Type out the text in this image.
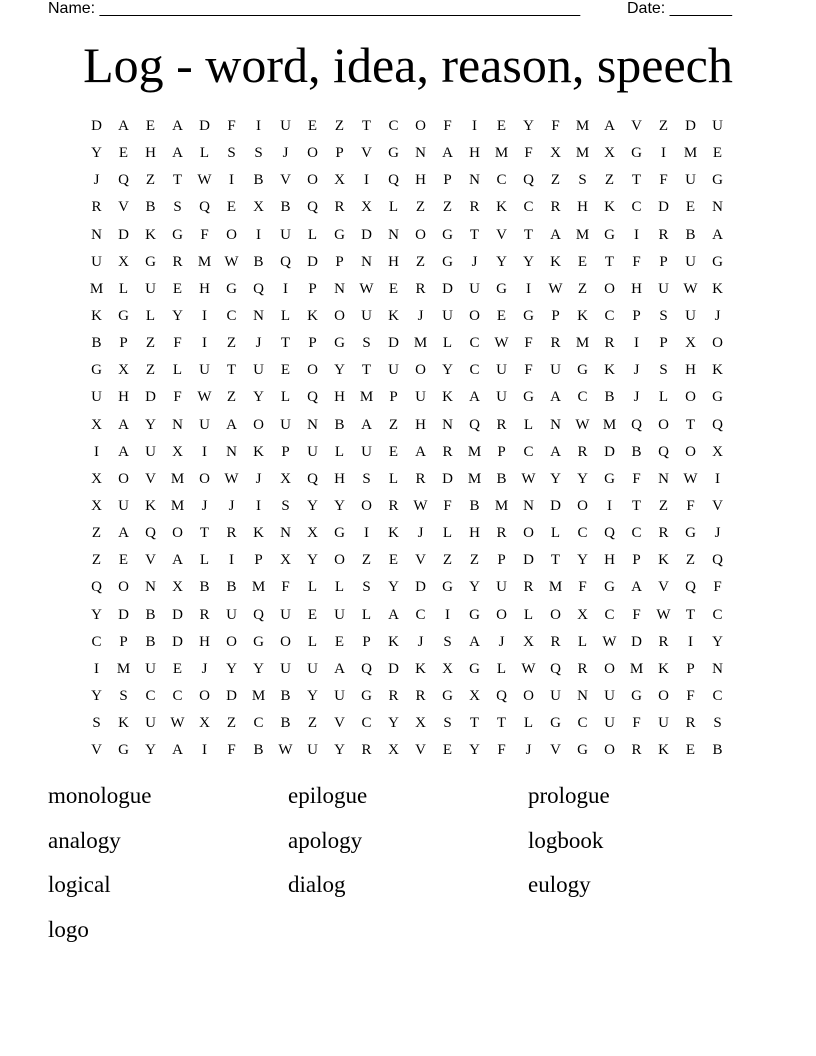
Name: ______________________________________________________

	Date: _______

Log - word, idea, reason, speech
D	A	E	A	D	F	I	U	E	Z	T	C	O	F	I	E	Y	F	M A	V	Z	D	U
Y	E	H	A	L	S	S	J	O	P	V	G	N	A	H M	F	X M X	G	I	M	E
J	Q	Z	T	W	I	B	V	O	X	I	Q	H	P	N	C	Q	Z	S	Z	T	F	U	G
R	V	B	S	Q	E	X	B	Q	R	X	L	Z	Z	R	K	C	R	H	K	C	D	E	N
N	D	K	G	F	O	I	U	L	G	D	N	O	G	T	V	T	A M G	I	R	B	A
U	X	G	R	M W B	Q	D	P	N	H	Z	G	J	Y	Y	K	E	T	F	P	U	G
M	L	U	E	H	G	Q	I	P	N W	E	R	D	U	G	I	W	Z	O	H	U W K
K	G	L	Y	I	C	N	L	K	O	U	K	J	U	O	E	G	P	K	C	P	S	U	J
B	P	Z	F	I	Z	J	T	P	G	S	D M	L	C W	F	R	M	R	I	P	X	O
G	X	Z	L	U	T	U	E	O	Y	T	U	O	Y	C	U	F	U	G	K	J	S	H	K
U	H	D	F	W	Z	Y	L	Q	H M	P	U	K	A	U	G	A	C	B	J	L	O	G
X	A	Y	N	U	A	O	U	N	B	A	Z	H	N	Q	R	L	N W M Q	O	T	Q
I	A	U	X	I	N	K	P	U	L	U	E	A	R	M	P	C	A	R	D	B	Q	O	X
X	O	V M O W	J	X	Q	H	S	L	R	D M	B W Y	Y	G	F	N W	I
X	U	K M	J	J	I	S	Y	Y	O	R W	F	B	M N	D	O	I	T	Z	F	V
Z	A	Q	O	T	R	K	N	X	G	I	K	J	L	H	R	O	L	C	Q	C	R	G	J
Z	E	V	A	L	I	P	X	Y	O	Z	E	V	Z	Z	P	D	T	Y	H	P	K	Z	Q
Q	O	N	X	B	B	M	F	L	L	S	Y	D	G	Y	U	R	M	F	G	A	V	Q	F
Y	D	B	D	R	U	Q	U	E	U	L	A	C	I	G	O	L	O	X	C	F	W	T	C
C	P	B	D	H	O	G	O	L	E	P	K	J	S	A	J	X	R	L	W D	R	I	Y
I	M U	E	J	Y	Y	U	U	A	Q	D	K	X	G	L	W Q	R	O M K	P	N
Y	S	C	C	O	D M	B	Y	U	G	R	R	G	X	Q	O	U	N	U	G	O	F	C
S	K	U W X	Z	C	B	Z	V	C	Y	X	S	T	T	L	G	C	U	F	U	R	S
V	G	Y	A	I	F	B W U	Y	R	X	V	E	Y	F	J	V	G	O	R	K	E	B
monologue	epilogue	prologue
analogy	apology	logbook
logical	dialog	eulogy
logo
